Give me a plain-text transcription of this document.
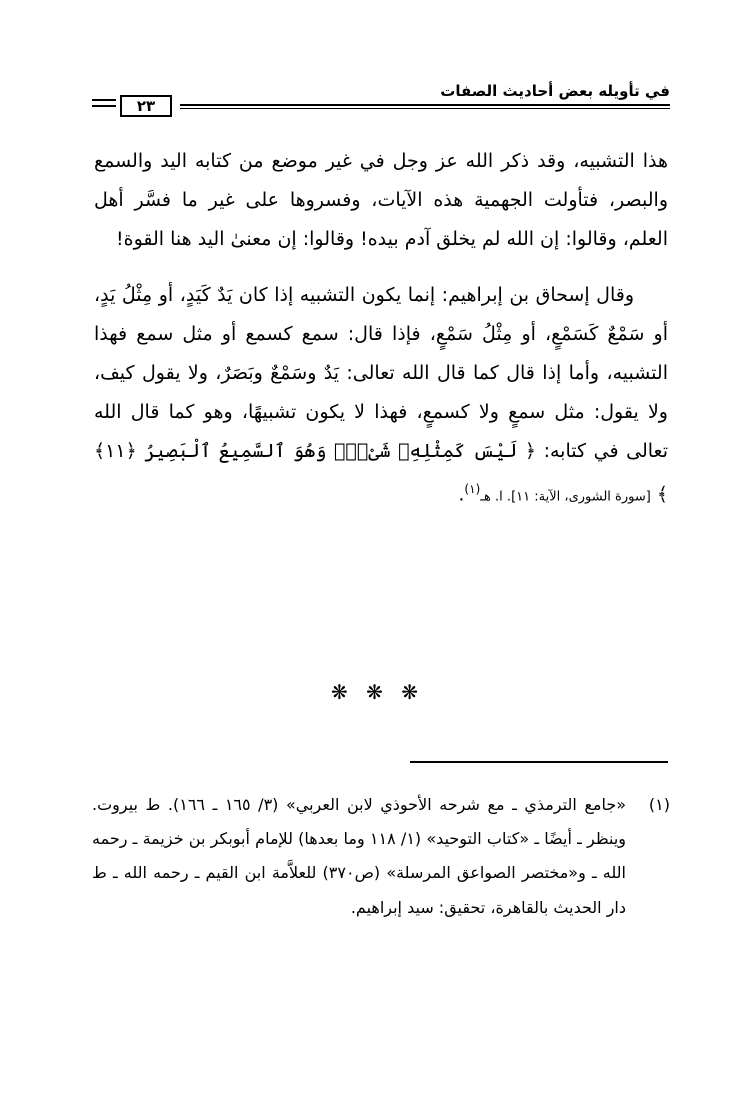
في تأويله بعض أحاديث الصفات
٢٣

هذا التشبيه، وقد ذكر الله عز وجل في غير موضع من كتابه اليد والسمع والبصر، فتأولت الجهمية هذه الآيات، وفسروها على غير ما فسَّر أهل العلم، وقالوا: إن الله لم يخلق آدم بيده! وقالوا: إن معنىٰ اليد هنا القوة!

وقال إسحاق بن إبراهيم: إنما يكون التشبيه إذا كان يَدٌ كَيَدٍ، أو مِثْلُ يَدٍ، أو سَمْعٌ كَسَمْعٍ، أو مِثْلُ سَمْعٍ، فإذا قال: سمع كسمع أو مثل سمع فهذا التشبيه، وأما إذا قال كما قال الله تعالى: يَدٌ وسَمْعٌ وبَصَرٌ، ولا يقول كيف، ولا يقول: مثل سمعٍ ولا كسمعٍ، فهذا لا يكون تشبيهًا، وهو كما قال الله تعالى في كتابه: ﴿ لَيْسَ كَمِثْلِهِۦ شَىْءٌۖ وَهُوَ ٱلسَّمِيعُ ٱلْبَصِيرُ ﴿١١﴾ ﴾ [سورة الشورى، الآية: ١١]. ا. هـ$^{(١)}$.

❋ ❋ ❋
(١)
«جامع الترمذي ـ مع شرحه الأحوذي لابن العربي» (٣/ ١٦٥ ـ ١٦٦). ط بيروت. وينظر ـ أيضًا ـ «كتاب التوحيد» (١/ ١١٨ وما بعدها) للإمام أبوبكر بن خزيمة ـ رحمه الله ـ و«مختصر الصواعق المرسلة» (ص٣٧٠) للعلاَّمة ابن القيم ـ رحمه الله ـ ط دار الحديث بالقاهرة، تحقيق: سيد إبراهيم.
